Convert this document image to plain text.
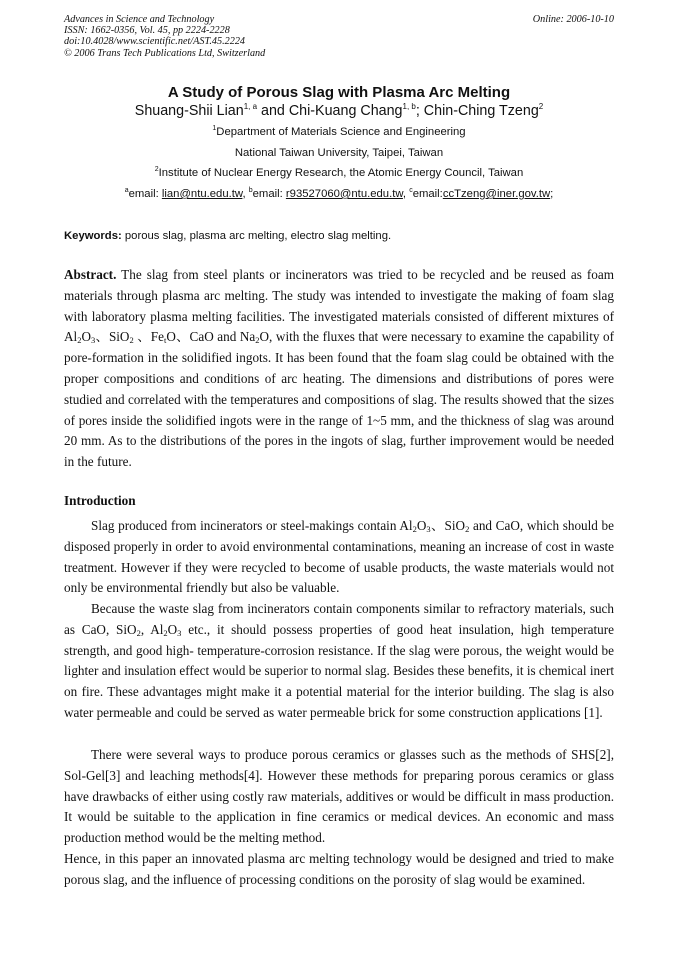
Advances in Science and Technology
ISSN: 1662-0356, Vol. 45, pp 2224-2228
doi:10.4028/www.scientific.net/AST.45.2224
© 2006 Trans Tech Publications Ltd, Switzerland
Online: 2006-10-10
A Study of Porous Slag with Plasma Arc Melting
Shuang-Shii Lian$^{1, a}$ and Chi-Kuang Chang$^{1, b}$; Chin-Ching Tzeng$^2$
$^1$Department of Materials Science and Engineering
National Taiwan University, Taipei, Taiwan
$^2$Institute of Nuclear Energy Research, the Atomic Energy Council, Taiwan
$^a$email: lian@ntu.edu.tw, $^b$email: r93527060@ntu.edu.tw, $^c$email:ccTzeng@iner.gov.tw;
Keywords: porous slag, plasma arc melting, electro slag melting.
Abstract. The slag from steel plants or incinerators was tried to be recycled and be reused as foam materials through plasma arc melting. The study was intended to investigate the making of foam slag with laboratory plasma melting facilities. The investigated materials consisted of different mixtures of $Al_2O_3$、SiO$_2$ 、$Fe_tO$、CaO and $Na_2O$, with the fluxes that were necessary to examine the capability of pore-formation in the solidified ingots. It has been found that the foam slag could be obtained with the proper compositions and conditions of arc heating. The dimensions and distributions of pores were studied and correlated with the temperatures and compositions of slag. The results showed that the sizes of pores inside the solidified ingots were in the range of 1~5 mm, and the thickness of slag was around 20 mm. As to the distributions of the pores in the ingots of slag, further improvement would be needed in the future.
Introduction
Slag produced from incinerators or steel-makings contain $Al_2O_3$、SiO$_2$ and CaO, which should be disposed properly in order to avoid environmental contaminations, meaning an increase of cost in waste treatment. However if they were recycled to become of usable products, the waste materials would not only be environmental friendly but also be valuable.
Because the waste slag from incinerators contain components similar to refractory materials, such as CaO, SiO$_2$, $Al_2O_3$ etc., it should possess properties of good heat insulation, high temperature strength, and good high- temperature-corrosion resistance. If the slag were porous, the weight would be lighter and insulation effect would be superior to normal slag. Besides these benefits, it is chemical inert on fire. These advantages might make it a potential material for the interior building. The slag is also water permeable and could be served as water permeable brick for some construction applications [1].
There were several ways to produce porous ceramics or glasses such as the methods of SHS[2], Sol-Gel[3] and leaching methods[4]. However these methods for preparing porous ceramics or glass have drawbacks of either using costly raw materials, additives or would be difficult in mass production. It would be suitable to the application in fine ceramics or medical devices. An economic and mass production method would be the melting method.
Hence, in this paper an innovated plasma arc melting technology would be designed and tried to make porous slag, and the influence of processing conditions on the porosity of slag would be examined.
